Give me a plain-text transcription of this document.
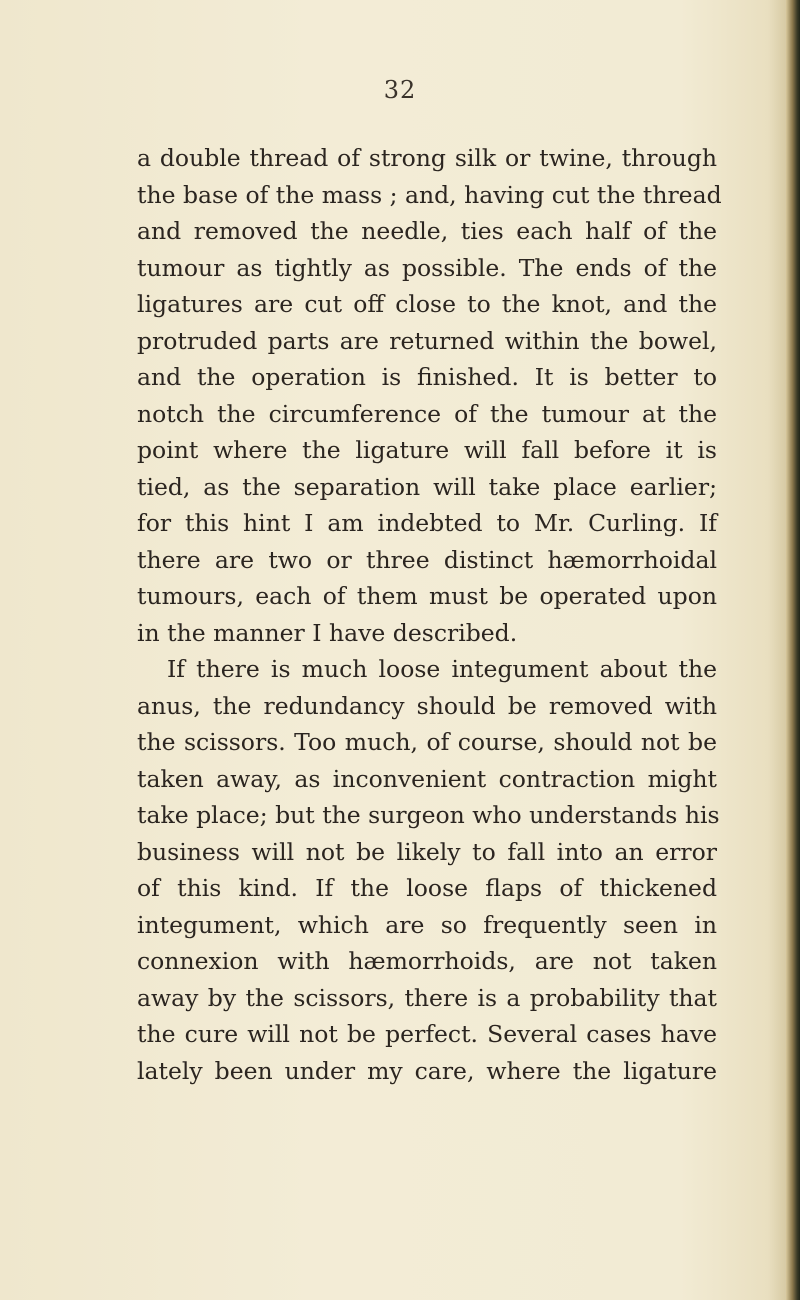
32
a double thread of strong silk or twine, through
the base of the mass ; and, having cut the thread
and removed the needle, ties each half of the
tumour as tightly as possible. The ends of the
ligatures are cut off close to the knot, and the
protruded parts are returned within the bowel,
and the operation is finished. It is better to
notch the circumference of the tumour at the
point where the ligature will fall before it is
tied, as the separation will take place earlier;
for this hint I am indebted to Mr. Curling. If
there are two or three distinct hæmorrhoidal
tumours, each of them must be operated upon
in the manner I have described.
If there is much loose integument about the
anus, the redundancy should be removed with
the scissors. Too much, of course, should not be
taken away, as inconvenient contraction might
take place; but the surgeon who understands his
business will not be likely to fall into an error
of this kind. If the loose flaps of thickened
integument, which are so frequently seen in
connexion with hæmorrhoids, are not taken
away by the scissors, there is a probability that
the cure will not be perfect. Several cases have
lately been under my care, where the ligature
